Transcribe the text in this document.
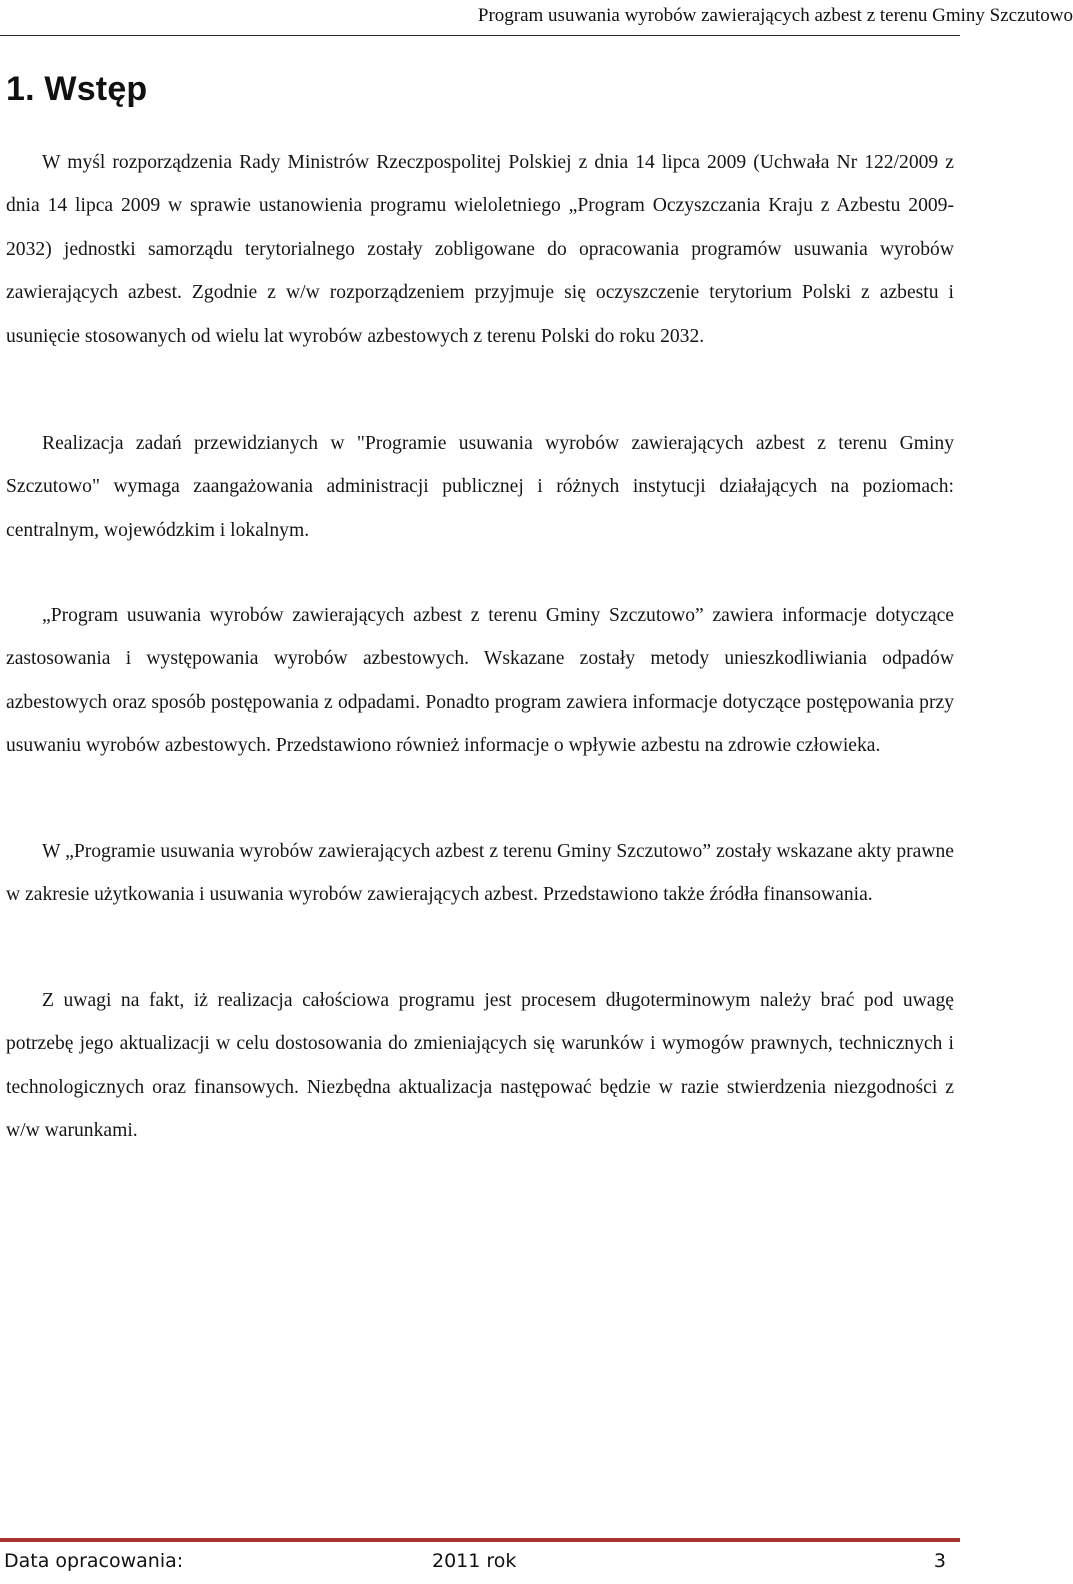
Program usuwania wyrobów zawierających azbest z terenu Gminy Szczutowo
1. Wstęp

W myśl rozporządzenia Rady Ministrów Rzeczpospolitej Polskiej z dnia 14 lipca 2009 (Uchwała Nr 122/2009 z dnia 14 lipca 2009 w sprawie ustanowienia programu wieloletniego „Program Oczyszczania Kraju z Azbestu 2009-2032) jednostki samorządu terytorialnego zostały zobligowane do opracowania programów usuwania wyrobów zawierających azbest. Zgodnie z w/w rozporządzeniem przyjmuje się oczyszczenie terytorium Polski z azbestu i usunięcie stosowanych od wielu lat wyrobów azbestowych z terenu Polski do roku 2032.

Realizacja zadań przewidzianych w "Programie usuwania wyrobów zawierających azbest z terenu Gminy Szczutowo" wymaga zaangażowania administracji publicznej i różnych instytucji działających na poziomach: centralnym, wojewódzkim i lokalnym.

„Program usuwania wyrobów zawierających azbest z terenu Gminy Szczutowo” zawiera informacje dotyczące zastosowania i występowania wyrobów azbestowych. Wskazane zostały metody unieszkodliwiania odpadów azbestowych oraz sposób postępowania z odpadami. Ponadto program zawiera informacje dotyczące postępowania przy usuwaniu wyrobów azbestowych. Przedstawiono również informacje o wpływie azbestu na zdrowie człowieka.

W „Programie usuwania wyrobów zawierających azbest z terenu Gminy Szczutowo” zostały wskazane akty prawne w zakresie użytkowania i usuwania wyrobów zawierających azbest. Przedstawiono także źródła finansowania.

Z uwagi na fakt, iż realizacja całościowa programu jest procesem długoterminowym należy brać pod uwagę potrzebę jego aktualizacji w celu dostosowania do zmieniających się warunków i wymogów prawnych, technicznych i technologicznych oraz finansowych. Niezbędna aktualizacja następować będzie w razie stwierdzenia niezgodności z w/w warunkami.

Data opracowania:	2011 rok	3
